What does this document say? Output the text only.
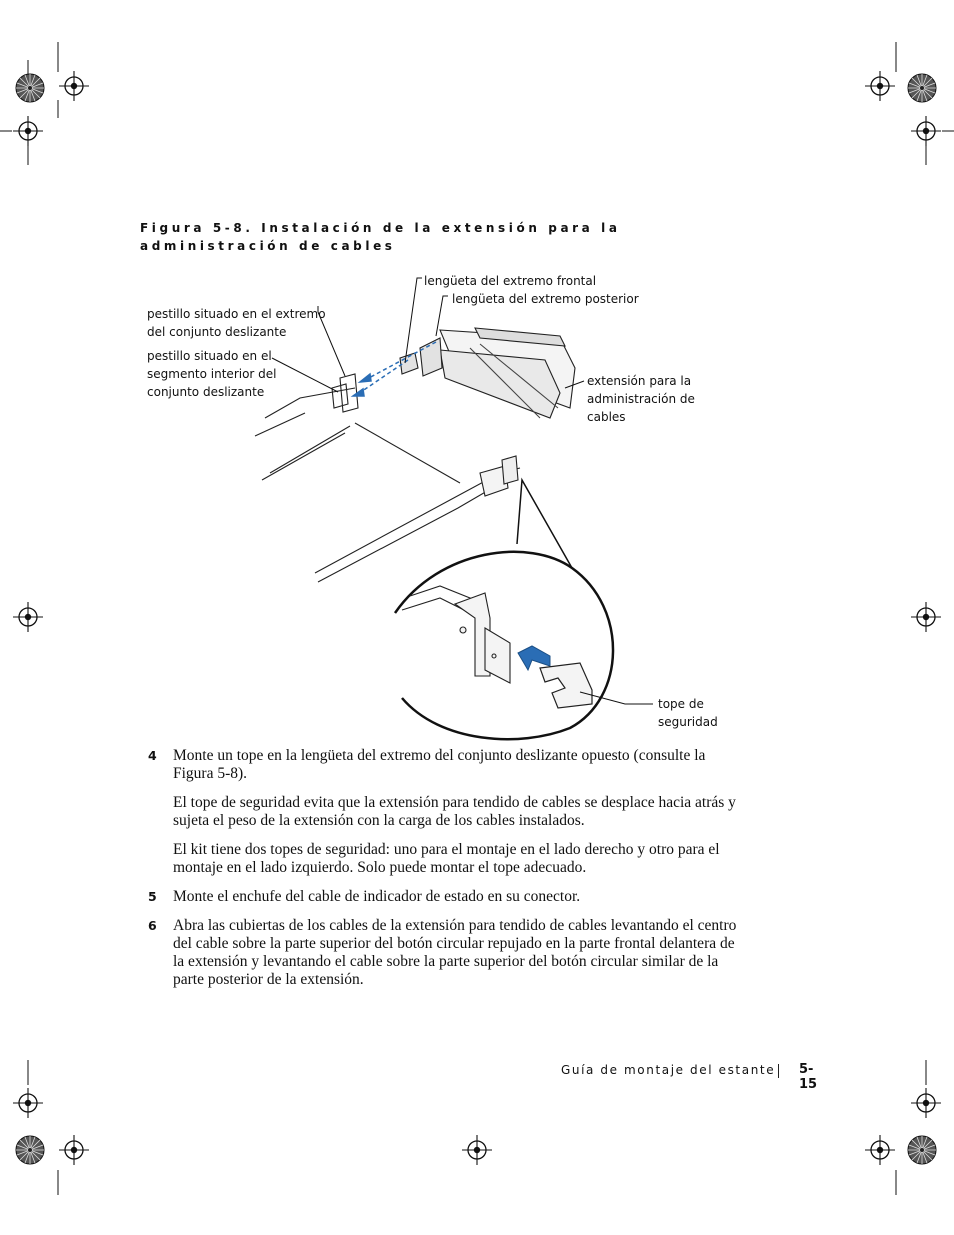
Figura 5-8. Instalación de la extensión para la administración de cables
lengüeta del extremo frontal
lengüeta del extremo posterior
pestillo situado en el extremo
del conjunto deslizante
pestillo situado en el
segmento interior del
conjunto deslizante
extensión para la
administración de
cables
tope de
seguridad
4 Monte un tope en la lengüeta del extremo del conjunto deslizante opuesto (consulte la Figura 5-8).

El tope de seguridad evita que la extensión para tendido de cables se desplace hacia atrás y sujeta el peso de la extensión con la carga de los cables instalados.

El kit tiene dos topes de seguridad: uno para el montaje en el lado derecho y otro para el montaje en el lado izquierdo. Solo puede montar el tope adecuado.

5 Monte el enchufe del cable de indicador de estado en su conector.
6 Abra las cubiertas de los cables de la extensión para tendido de cables levantando el centro del cable sobre la parte superior del botón circular repujado en la parte frontal delantera de la extensión y levantando el cable sobre la parte superior del botón circular similar de la parte posterior de la extensión.
Guía de montaje del estante 5-15
